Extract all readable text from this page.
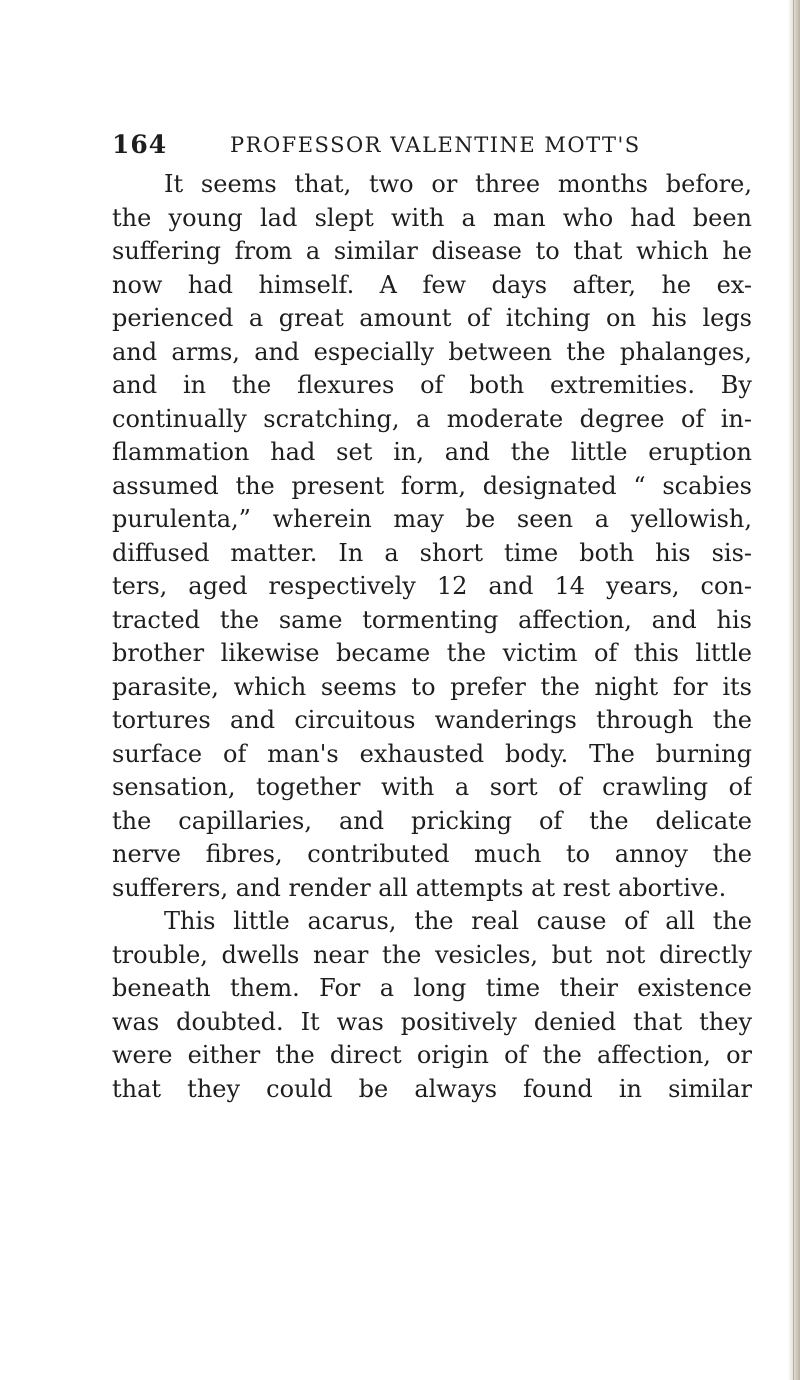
164	PROFESSOR VALENTINE MOTT'S
It seems that, two or three months before,
the young lad slept with a man who had been
suffering from a similar disease to that which he
now had himself. A few days after, he ex-
perienced a great amount of itching on his legs
and arms, and especially between the phalanges,
and in the flexures of both extremities. By
continually scratching, a moderate degree of in-
flammation had set in, and the little eruption
assumed the present form, designated “ scabies
purulenta,” wherein may be seen a yellowish,
diffused matter. In a short time both his sis-
ters, aged respectively 12 and 14 years, con-
tracted the same tormenting affection, and his
brother likewise became the victim of this little
parasite, which seems to prefer the night for its
tortures and circuitous wanderings through the
surface of man's exhausted body. The burning
sensation, together with a sort of crawling of
the capillaries, and pricking of the delicate
nerve fibres, contributed much to annoy the
sufferers, and render all attempts at rest abortive.
This little acarus, the real cause of all the
trouble, dwells near the vesicles, but not directly
beneath them. For a long time their existence
was doubted. It was positively denied that they
were either the direct origin of the affection, or
that they could be always found in similar
